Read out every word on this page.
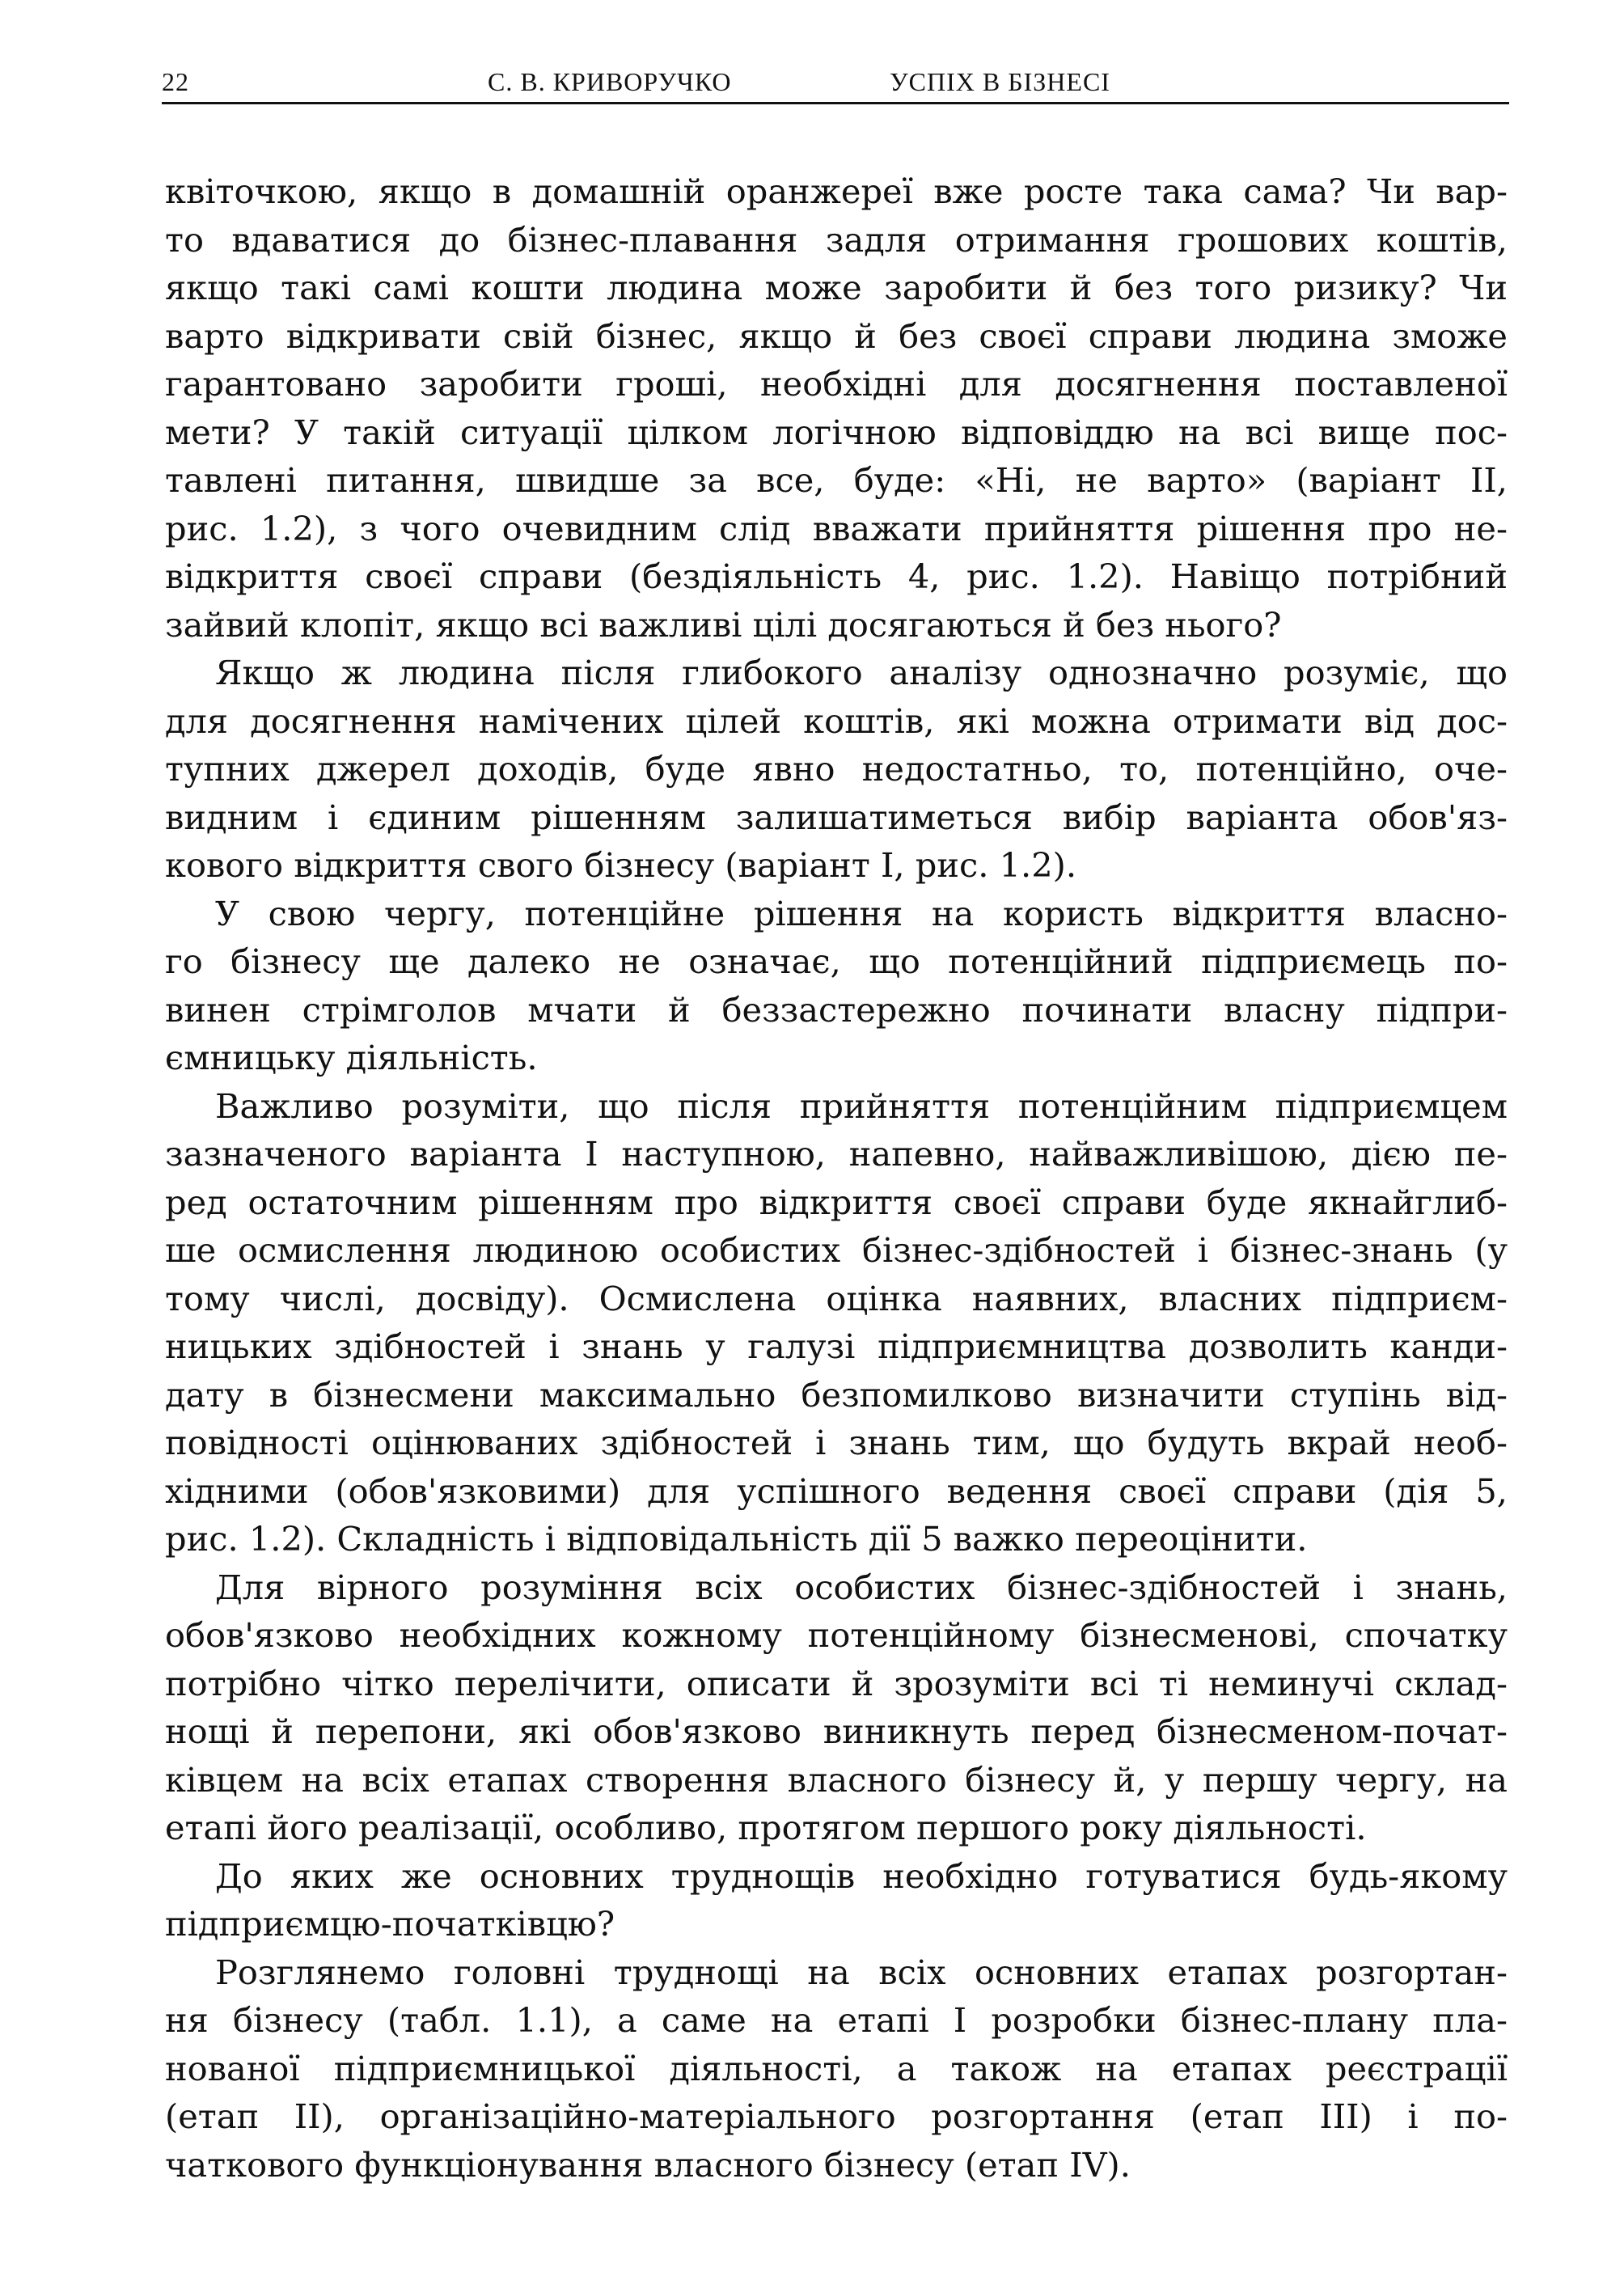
22	С. В. КРИВОРУЧКО	УСПІХ В БІЗНЕСІ
квіточкою, якщо в домашній оранжереї вже росте така сама? Чи вар-
то вдаватися до бізнес-плавання задля отримання грошових коштів,
якщо такі самі кошти людина може заробити й без того ризику? Чи
варто відкривати свій бізнес, якщо й без своєї справи людина зможе
гарантовано заробити гроші, необхідні для досягнення поставленої
мети? У такій ситуації цілком логічною відповіддю на всі вище пос-
тавлені питання, швидше за все, буде: «Ні, не варто» (варіант II,
рис. 1.2), з чого очевидним слід вважати прийняття рішення про не-
відкриття своєї справи (бездіяльність 4, рис. 1.2). Навіщо потрібний
зайвий клопіт, якщо всі важливі цілі досягаються й без нього?
Якщо ж людина після глибокого аналізу однозначно розуміє, що
для досягнення намічених цілей коштів, які можна отримати від дос-
тупних джерел доходів, буде явно недостатньо, то, потенційно, оче-
видним і єдиним рішенням залишатиметься вибір варіанта обов'яз-
кового відкриття свого бізнесу (варіант I, рис. 1.2).
У свою чергу, потенційне рішення на користь відкриття власно-
го бізнесу ще далеко не означає, що потенційний підприємець по-
винен стрімголов мчати й беззастережно починати власну підпри-
ємницьку діяльність.
Важливо розуміти, що після прийняття потенційним підприємцем
зазначеного варіанта I наступною, напевно, найважливішою, дією пе-
ред остаточним рішенням про відкриття своєї справи буде якнайглиб-
ше осмислення людиною особистих бізнес-здібностей і бізнес-знань (у
тому числі, досвіду). Осмислена оцінка наявних, власних підприєм-
ницьких здібностей і знань у галузі підприємництва дозволить канди-
дату в бізнесмени максимально безпомилково визначити ступінь від-
повідності оцінюваних здібностей і знань тим, що будуть вкрай необ-
хідними (обов'язковими) для успішного ведення своєї справи (дія 5,
рис. 1.2). Складність і відповідальність дії 5 важко переоцінити.
Для вірного розуміння всіх особистих бізнес-здібностей і знань,
обов'язково необхідних кожному потенційному бізнесменові, спочатку
потрібно чітко перелічити, описати й зрозуміти всі ті неминучі склад-
нощі й перепони, які обов'язково виникнуть перед бізнесменом-почат-
ківцем на всіх етапах створення власного бізнесу й, у першу чергу, на
етапі його реалізації, особливо, протягом першого року діяльності.
До яких же основних труднощів необхідно готуватися будь-якому
підприємцю-початківцю?
Розглянемо головні труднощі на всіх основних етапах розгортан-
ня бізнесу (табл. 1.1), а саме на етапі I розробки бізнес-плану пла-
нованої підприємницької діяльності, а також на етапах реєстрації
(етап II), організаційно-матеріального розгортання (етап III) і по-
чаткового функціонування власного бізнесу (етап IV).
